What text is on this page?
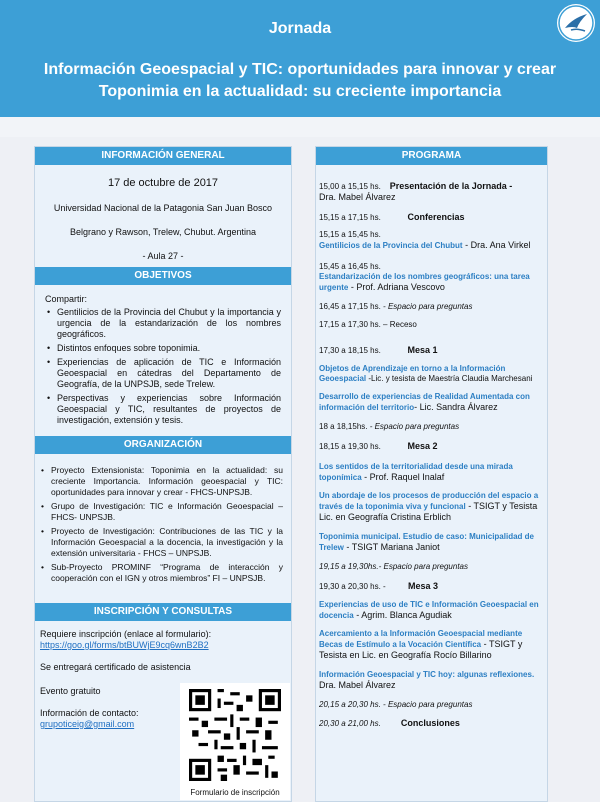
Jornada
Información Geoespacial y TIC: oportunidades para innovar y crear
Toponimia en la actualidad: su creciente importancia
INFORMACIÓN GENERAL
17 de octubre de 2017
Universidad Nacional de la Patagonia San Juan Bosco
Belgrano y Rawson, Trelew, Chubut. Argentina
- Aula 27 -
OBJETIVOS
Compartir:
• Gentilicios de la Provincia del Chubut y la importancia y urgencia de la estandarización de los nombres geográficos.
• Distintos enfoques sobre toponimia.
• Experiencias de aplicación de TIC e Información Geoespacial en cátedras del Departamento de Geografía, de la UNPSJB, sede Trelew.
• Perspectivas y experiencias sobre Información Geoespacial y TIC, resultantes de proyectos de investigación, extensión y tesis.
ORGANIZACIÓN
• Proyecto Extensionista: Toponimia en la actualidad: su creciente Importancia. Información geoespacial y TIC: oportunidades para innovar y crear - FHCS-UNPSJB.
• Grupo de Investigación: TIC e Información Geoespacial – FHCS- UNPSJB.
• Proyecto de Investigación: Contribuciones de las TIC y la Información Geoespacial a la docencia, la investigación y la extensión universitaria - FHCS – UNPSJB.
• Sub-Proyecto PROMINF “Programa de interacción y cooperación con el IGN y otros miembros” FI – UNPSJB.
INSCRIPCIÓN Y CONSULTAS
Requiere inscripción (enlace al formulario):
https://goo.gl/forms/btBUWjE9cq6wnB2B2
Se entregará certificado de asistencia
Evento gratuito
Información de contacto:
grupoticeig@gmail.com
Formulario de inscripción
PROGRAMA
15,00 a 15,15 hs. Presentación de la Jornada -
Dra. Mabel Álvarez
15,15 a 17,15 hs.	Conferencias
15,15 a 15,45 hs.
Gentilicios de la Provincia del Chubut - Dra. Ana Virkel
15,45 a 16,45 hs.
Estandarización de los nombres geográficos: una tarea urgente - Prof. Adriana Vescovo
16,45 a 17,15 hs. - Espacio para preguntas
17,15 a 17,30 hs. – Receso
17,30 a 18,15 hs.	Mesa 1
Objetos de Aprendizaje en torno a la Información Geoespacial -Lic. y tesista de Maestría Claudia Marchesani
Desarrollo de experiencias de Realidad Aumentada con información del territorio- Lic. Sandra Álvarez
18 a 18,15hs. - Espacio para preguntas
18,15 a 19,30 hs.	Mesa 2
Los sentidos de la territorialidad desde una mirada toponímica - Prof. Raquel Inalaf
Un abordaje de los procesos de producción del espacio a través de la toponimia viva y funcional - TSIGT y Tesista Lic. en Geografía Cristina Erblich
Toponimia municipal. Estudio de caso: Municipalidad de Trelew - TSIGT Mariana Janiot
19,15 a 19,30hs.- Espacio para preguntas
19,30 a 20,30 hs. - Mesa 3
Experiencias de uso de TIC e Información Geoespacial en docencia - Agrim. Blanca Agudiak
Acercamiento a la Información Geoespacial mediante Becas de Estímulo a la Vocación Científica - TSIGT y Tesista en Lic. en Geografía Rocío Billarino
Información Geoespacial y TIC hoy: algunas reflexiones.
Dra. Mabel Álvarez
20,15 a 20,30 hs. - Espacio para preguntas
20,30 a 21,00 hs. Conclusiones
